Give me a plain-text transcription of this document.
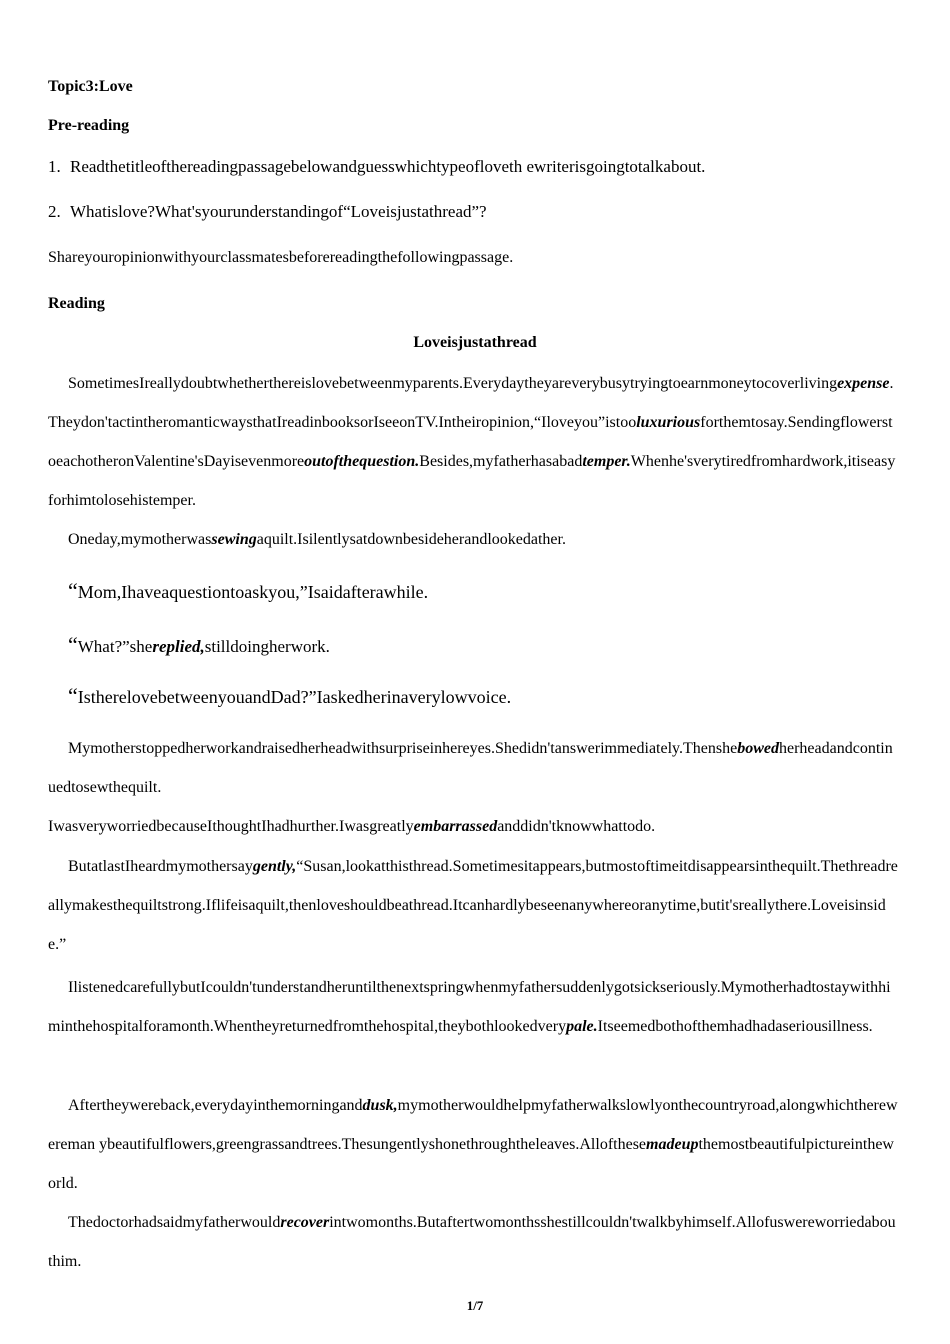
Topic3:Love
Pre-reading
1. Readthetitleofthereadingpassagebelowandguesswhichtypeofloveth ewriterisgoingtotalkabout.
2. Whatislove?What'syourunderstandingof“Loveisjustathread”?
Shareyouropinionwithyourclassmatesbeforereadingthefollowingpassage.
Reading
Loveisjustathread

SometimesIreallydoubtwhetherthereislovebetweenmyparents.Everydaytheyareverybusytryingtoearnmoneytocoverlivingexpense.Theydon'tactintheromanticwaysthatIreadinbooksorIseeonTV.Intheiropinion,“Iloveyou”istooluxuriousforthemtosay.SendingflowerstoeachotheronValentine'sDayisevenmoreoutofthequestion.Besides,myfatherhasabadtemper.Whenhe'sverytiredfromhardwork,itiseasyforhimtolosehistemper.

Oneday,mymotherwassewingaquilt.Isilentlysatdownbesideherandlookedather.

“Mom,Ihaveaquestiontoaskyou,”Isaidafterawhile.
“What?”shereplied,stilldoingherwork.
“IstherelovebetweenyouandDad?”Iaskedherinaverylowvoice.

Mymotherstoppedherworkandraisedherheadwithsurpriseinhereyes.Shedidn'tanswerimmediately.Thenshebowedherheadandcontinuedtosewthequilt.

IwasveryworriedbecauseIthoughtIhadhurther.Iwasgreatlyembarrassedanddidn'tknowwhattodo.

ButatlastIheardmymothersaygently,“Susan,lookatthisthread.Sometimesitappears,butmostoftimeitdisappearsinthequilt.Thethreadreallymakesthequiltstrong.Iflifeisaquilt,thenloveshouldbeathread.Itcanhardlybeseenanywhereoranytime,butit'sreallythere.Loveisinside.”

IlistenedcarefullybutIcouldn'tunderstandheruntilthenextspringwhenmyfathersuddenlygotsickseriously.Mymotherhadtostaywithhiminthehospitalforamonth.Whentheyreturnedfromthehospital,theybothlookedverypale.Itseemedbothofthemhadhadaseriousillness.

Aftertheywereback,everydayinthemorninganddusk,mymotherwouldhelpmyfatherwalkslowlyonthecountryroad,alongwhichtherewereman ybeautifulflowers,greengrassandtrees.Thesungentlyshonethroughtheleaves.Allofthesemadeupthemostbeautifulpictureintheworld.

Thedoctorhadsaidmyfatherwouldrecoverintwomonths.Butaftertwomonthsshestillcouldn'twalkbyhimself.Allofuswereworriedabouthim.

1/7
